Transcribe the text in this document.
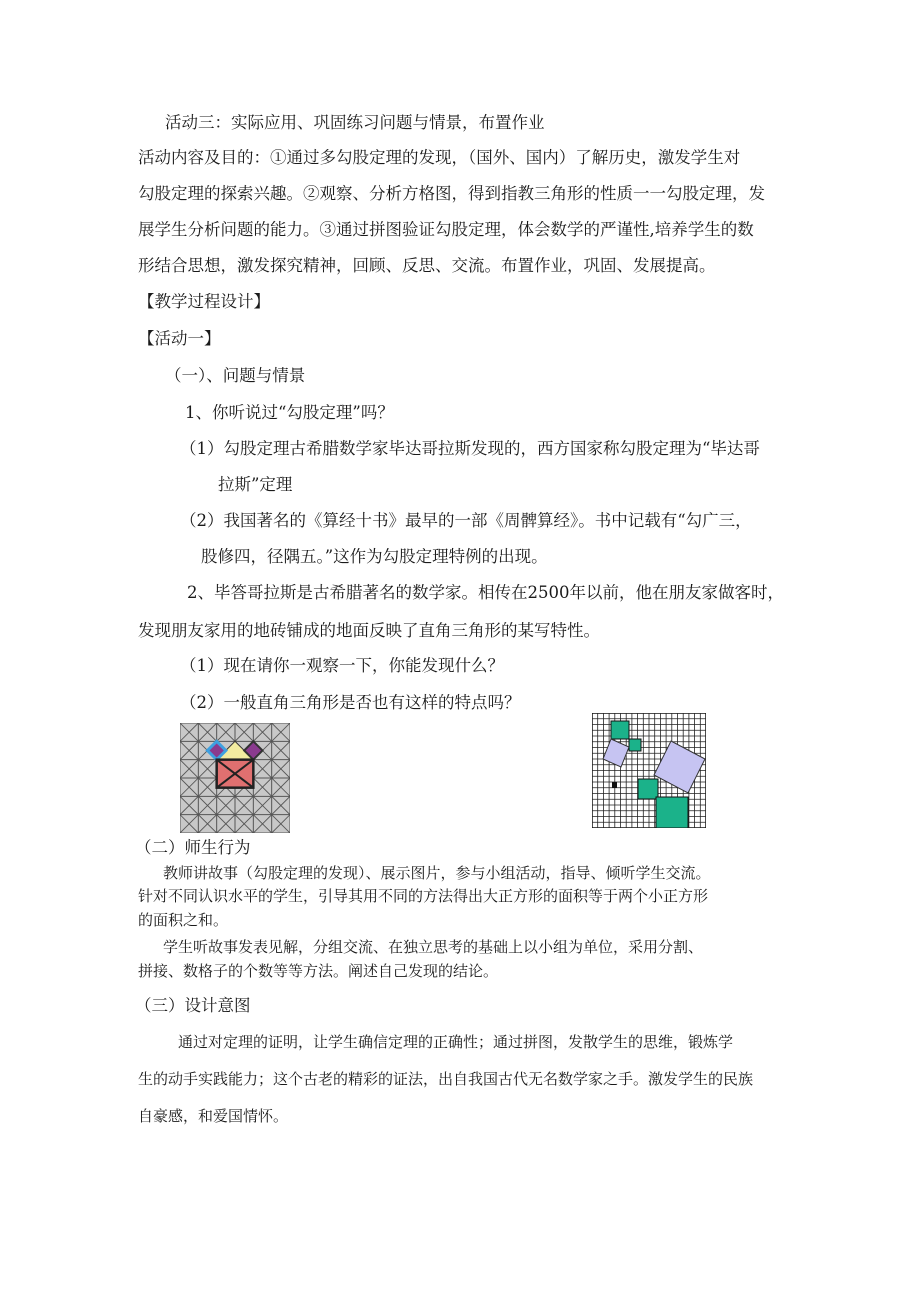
活动三：实际应用、巩固练习问题与情景，布置作业
活动内容及目的：①通过多勾股定理的发现，（国外、国内）了解历史，激发学生对
勾股定理的探索兴趣。②观察、分析方格图，得到指教三角形的性质一一勾股定理，发
展学生分析问题的能力。③通过拼图验证勾股定理，体会数学的严谨性,培养学生的数
形结合思想，激发探究精神，回顾、反思、交流。布置作业，巩固、发展提高。
【教学过程设计】
【活动一】
（一）、问题与情景
1、你听说过“勾股定理”吗？
（1）勾股定理古希腊数学家毕达哥拉斯发现的，西方国家称勾股定理为“毕达哥
拉斯”定理
（2）我国著名的《算经十书》最早的一部《周髀算经》。书中记载有“勾广三，
股修四，径隅五。”这作为勾股定理特例的出现。
2、毕答哥拉斯是古希腊著名的数学家。相传在2500年以前，他在朋友家做客时，
发现朋友家用的地砖铺成的地面反映了直角三角形的某写特性。
（1）现在请你一观察一下，你能发现什么？
（2）一般直角三角形是否也有这样的特点吗？
（二）师生行为
教师讲故事（勾股定理的发现）、展示图片，参与小组活动，指导、倾听学生交流。
针对不同认识水平的学生，引导其用不同的方法得出大正方形的面积等于两个小正方形
的面积之和。
学生听故事发表见解，分组交流、在独立思考的基础上以小组为单位，采用分割、
拼接、数格子的个数等等方法。阐述自己发现的结论。
（三）设计意图
通过对定理的证明，让学生确信定理的正确性；通过拼图，发散学生的思维，锻炼学
生的动手实践能力；这个古老的精彩的证法，出自我国古代无名数学家之手。激发学生的民族
自豪感，和爱国情怀。
